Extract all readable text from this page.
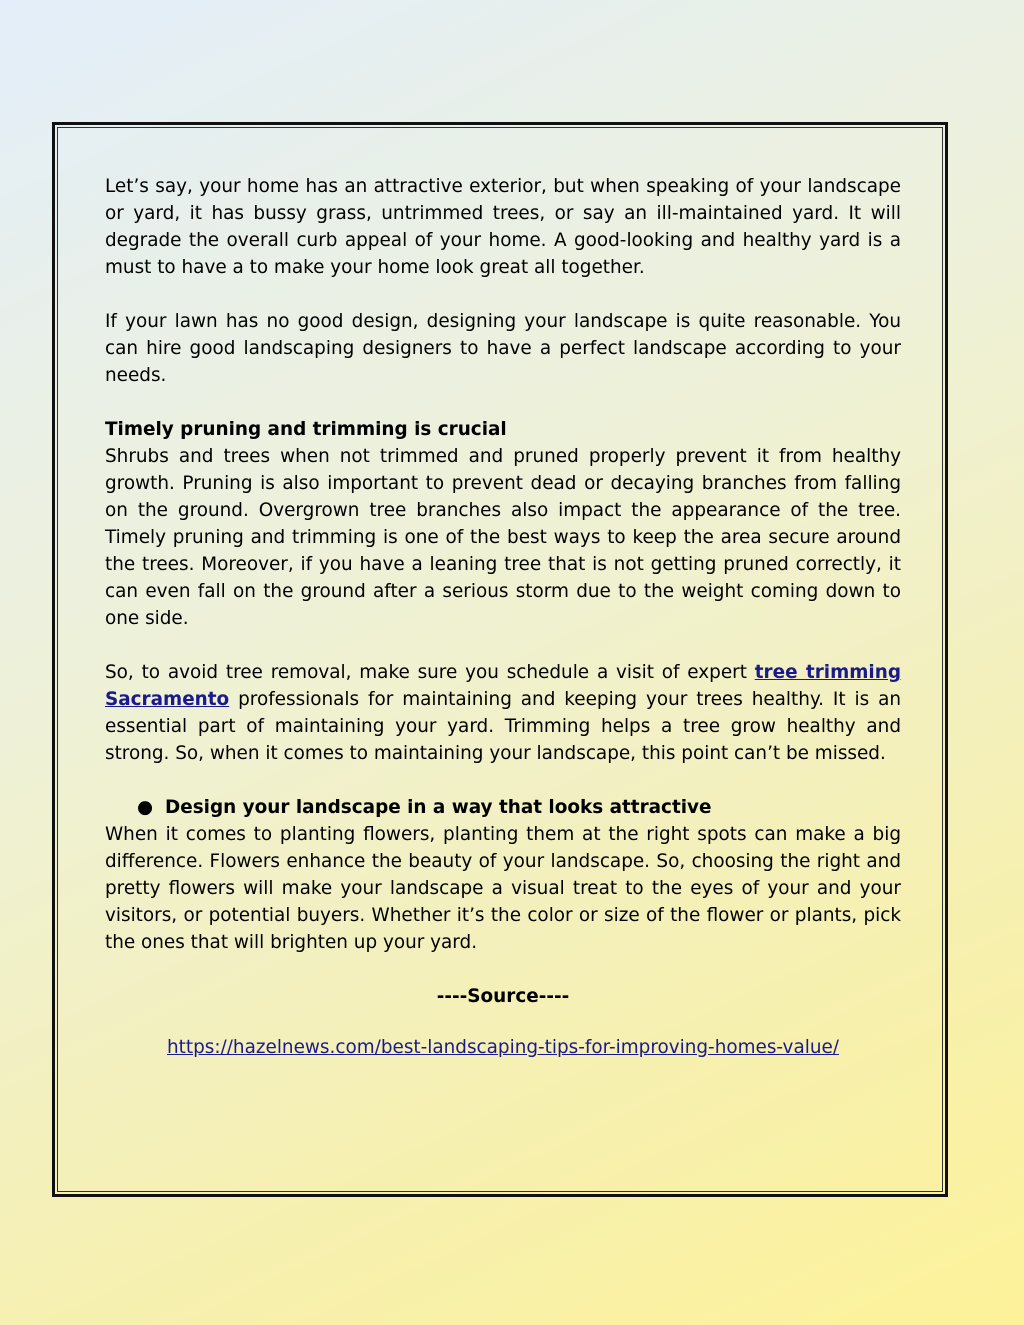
Let’s say, your home has an attractive exterior, but when speaking of your landscape or yard, it has bussy grass, untrimmed trees, or say an ill-maintained yard. It will degrade the overall curb appeal of your home. A good-looking and healthy yard is a must to have a to make your home look great all together.

If your lawn has no good design, designing your landscape is quite reasonable. You can hire good landscaping designers to have a perfect landscape according to your needs.

Timely pruning and trimming is crucial

Shrubs and trees when not trimmed and pruned properly prevent it from healthy growth. Pruning is also important to prevent dead or decaying branches from falling on the ground. Overgrown tree branches also impact the appearance of the tree. Timely pruning and trimming is one of the best ways to keep the area secure around the trees. Moreover, if you have a leaning tree that is not getting pruned correctly, it can even fall on the ground after a serious storm due to the weight coming down to one side.

So, to avoid tree removal, make sure you schedule a visit of expert tree trimming Sacramento professionals for maintaining and keeping your trees healthy. It is an essential part of maintaining your yard. Trimming helps a tree grow healthy and strong. So, when it comes to maintaining your landscape, this point can’t be missed.

● Design your landscape in a way that looks attractive

When it comes to planting flowers, planting them at the right spots can make a big difference. Flowers enhance the beauty of your landscape. So, choosing the right and pretty flowers will make your landscape a visual treat to the eyes of your and your visitors, or potential buyers. Whether it’s the color or size of the flower or plants, pick the ones that will brighten up your yard.

----Source----
https://hazelnews.com/best-landscaping-tips-for-improving-homes-value/
